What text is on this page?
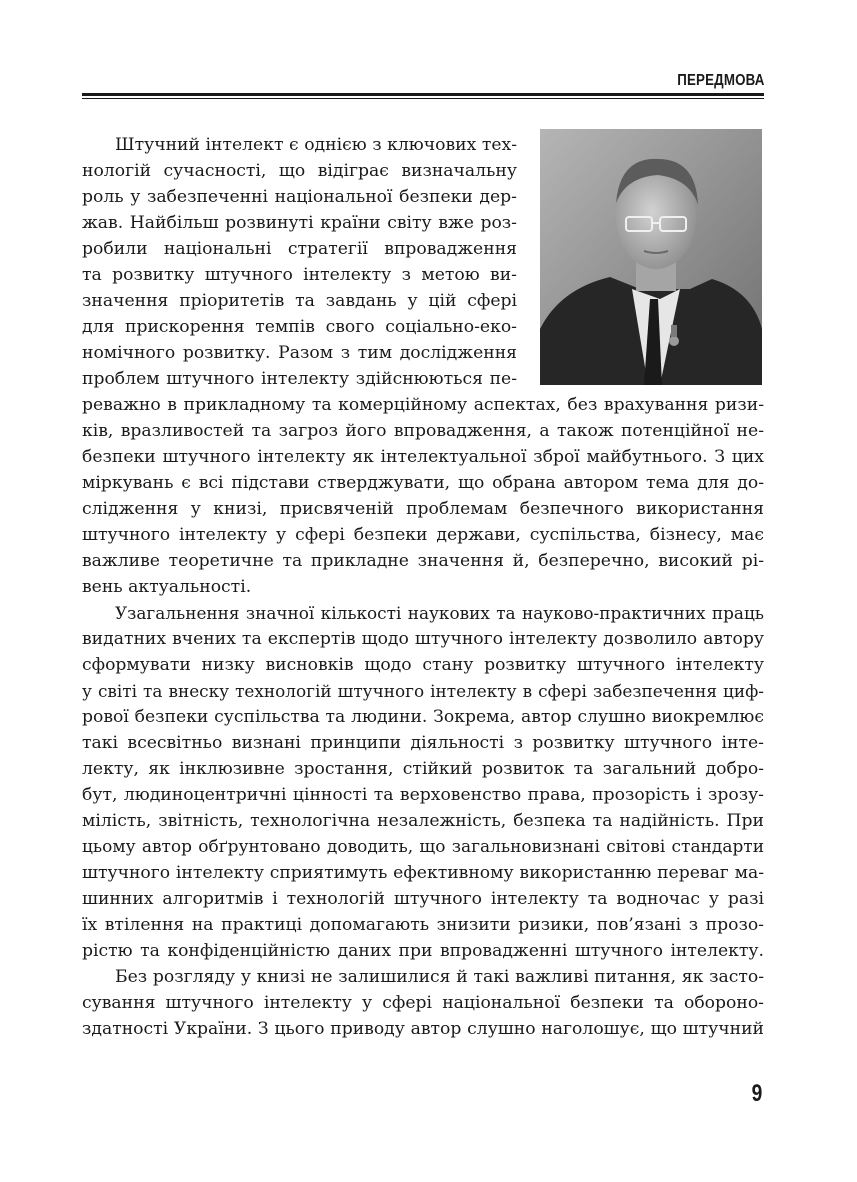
ПЕРЕДМОВА
Штучний інтелект є однією з ключових тех-
нологій сучасності, що відіграє визначальну
роль у забезпеченні національної безпеки дер-
жав. Найбільш розвинуті країни світу вже роз-
робили національні стратегії впровадження
та розвитку штучного інтелекту з метою ви-
значення пріоритетів та завдань у цій сфері
для прискорення темпів свого соціально-еко-
номічного розвитку. Разом з тим дослідження
проблем штучного інтелекту здійснюються пе-
реважно в прикладному та комерційному аспектах, без врахування ризи-
ків, вразливостей та загроз його впровадження, а також потенційної не-
безпеки штучного інтелекту як інтелектуальної зброї майбутнього. З цих
міркувань є всі підстави стверджувати, що обрана автором тема для до-
слідження у книзі, присвяченій проблемам безпечного використання
штучного інтелекту у сфері безпеки держави, суспільства, бізнесу, має
важливе теоретичне та прикладне значення й, безперечно, високий рі-
вень актуальності.
Узагальнення значної кількості наукових та науково-практичних праць
видатних вчених та експертів щодо штучного інтелекту дозволило автору
сформувати низку висновків щодо стану розвитку штучного інтелекту
у світі та внеску технологій штучного інтелекту в сфері забезпечення циф-
рової безпеки суспільства та людини. Зокрема, автор слушно виокремлює
такі всесвітньо визнані принципи діяльності з розвитку штучного інте-
лекту, як інклюзивне зростання, стійкий розвиток та загальний добро-
бут, людиноцентричні цінності та верховенство права, прозорість і зрозу-
мілість, звітність, технологічна незалежність, безпека та надійність. При
цьому автор обґрунтовано доводить, що загальновизнані світові стандарти
штучного інтелекту сприятимуть ефективному використанню переваг ма-
шинних алгоритмів і технологій штучного інтелекту та водночас у разі
їх втілення на практиці допомагають знизити ризики, пов’язані з прозо-
рістю та конфіденційністю даних при впровадженні штучного інтелекту.
Без розгляду у книзі не залишилися й такі важливі питання, як засто-
сування штучного інтелекту у сфері національної безпеки та обороно-
здатності України. З цього приводу автор слушно наголошує, що штучний
9
